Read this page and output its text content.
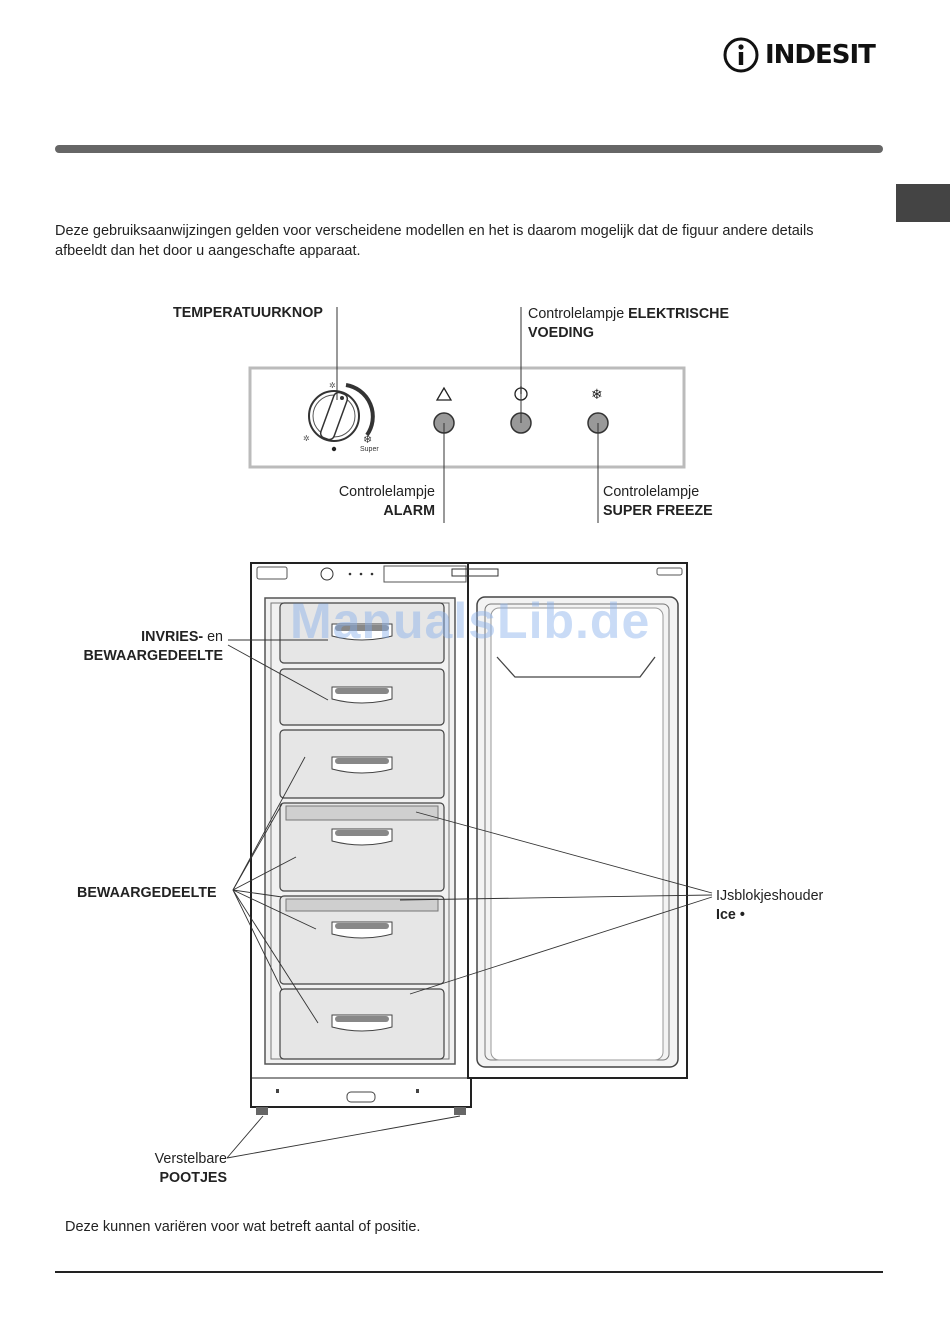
INDESIT
Deze gebruiksaanwijzingen gelden voor verscheidene modellen en het is daarom mogelijk dat de figuur andere details afbeeldt dan het door u aangeschafte apparaat.
✲
✲
❄
Super
❄
TEMPERATUURKNOP	Controlelampje ELEKTRISCHE
VOEDING
Controlelampje
ALARM
Controlelampje
SUPER FREEZE
INVRIES- en
BEWAARGEDEELTE
BEWAARGEDEELTE	IJsblokjeshouder
Ice •
Verstelbare
POOTJES
ManualsLib.de
Deze kunnen variëren voor wat betreft aantal of positie.
